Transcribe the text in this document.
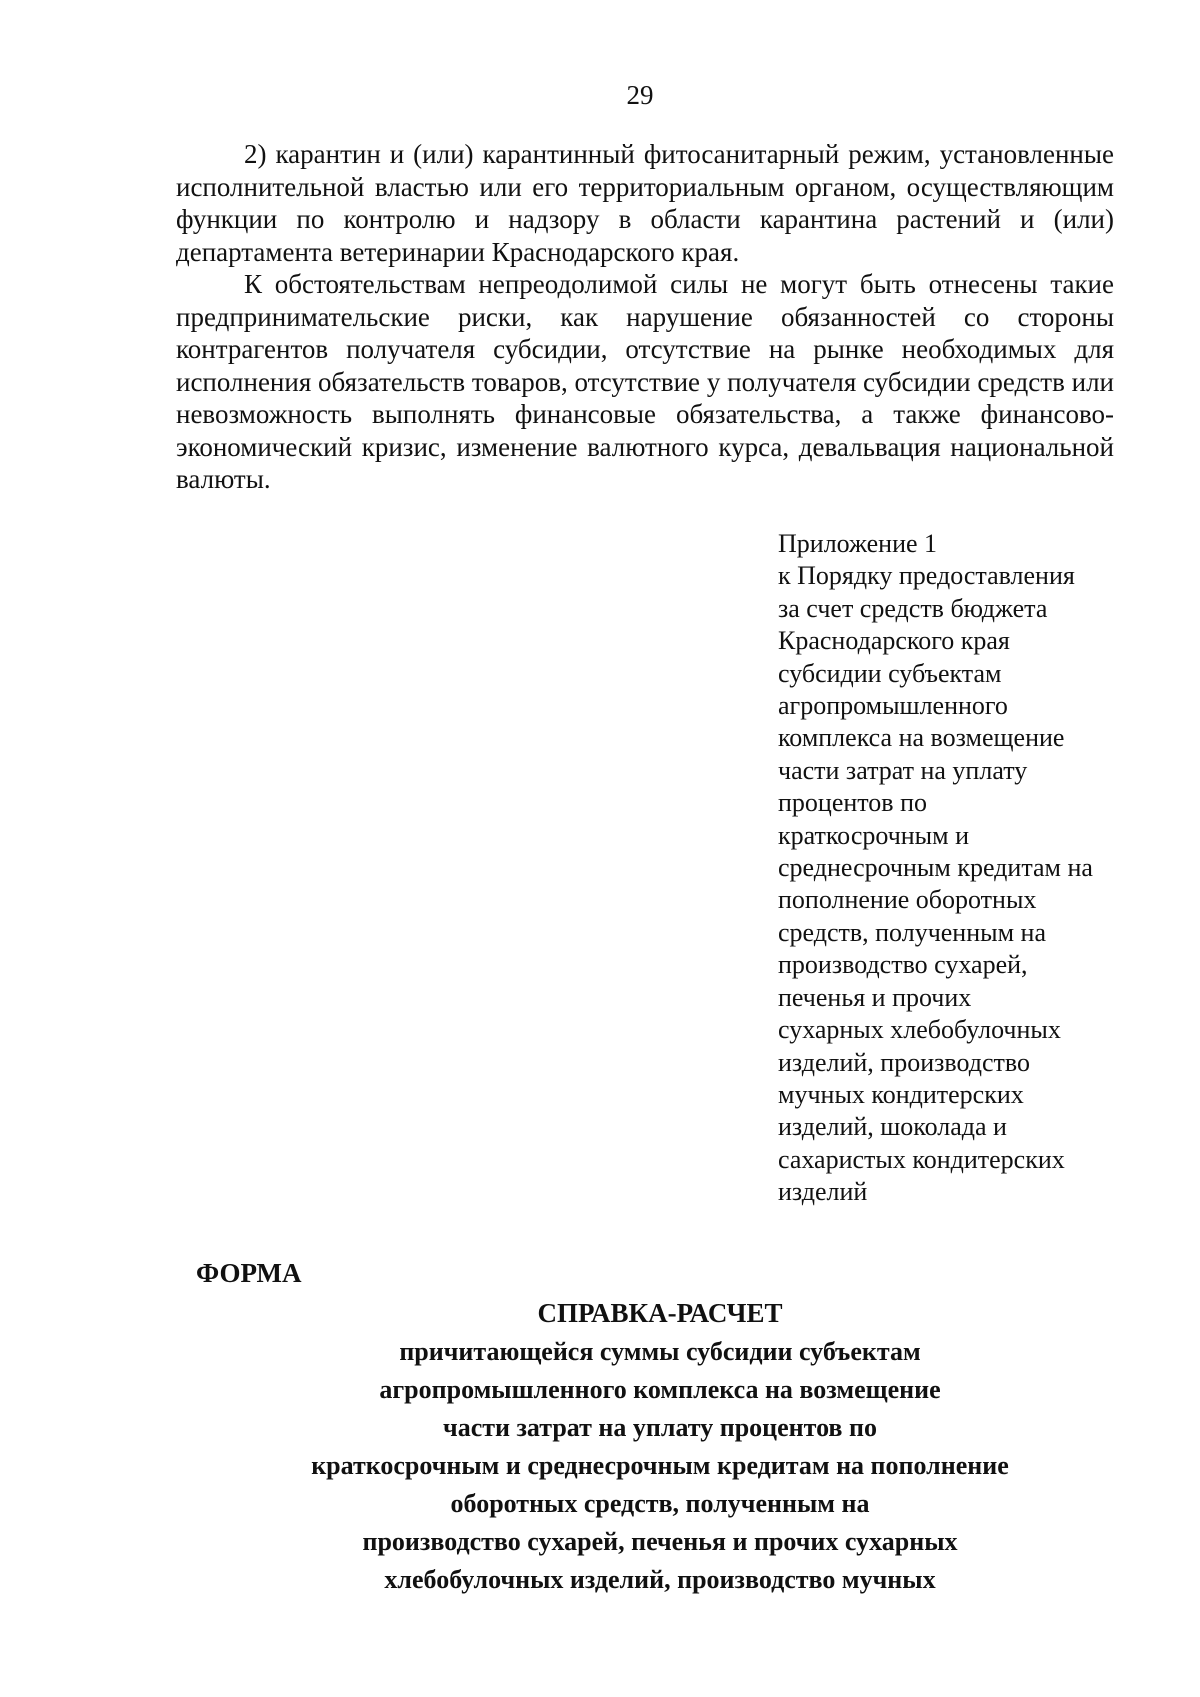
29

2) карантин и (или) карантинный фитосанитарный режим, установленные исполнительной властью или его территориальным органом, осуществляющим функции по контролю и надзору в области карантина растений и (или) департамента ветеринарии Краснодарского края.

К обстоятельствам непреодолимой силы не могут быть отнесены такие предпринимательские риски, как нарушение обязанностей со стороны контрагентов получателя субсидии, отсутствие на рынке необходимых для исполнения обязательств товаров, отсутствие у получателя субсидии средств или невозможность выполнять финансовые обязательства, а также финансово-экономический кризис, изменение валютного курса, девальвация национальной валюты.

Приложение 1
к Порядку предоставления
за счет средств бюджета
Краснодарского края
субсидии субъектам
агропромышленного
комплекса на возмещение
части затрат на уплату
процентов по
краткосрочным и
среднесрочным кредитам на
пополнение оборотных
средств, полученным на
производство сухарей,
печенья и прочих
сухарных хлебобулочных
изделий, производство
мучных кондитерских
изделий, шоколада и
сахаристых кондитерских
изделий
ФОРМА
СПРАВКА-РАСЧЕТ
причитающейся суммы субсидии субъектам
агропромышленного комплекса на возмещение
части затрат на уплату процентов по
краткосрочным и среднесрочным кредитам на пополнение
оборотных средств, полученным на
производство сухарей, печенья и прочих сухарных
хлебобулочных изделий, производство мучных
